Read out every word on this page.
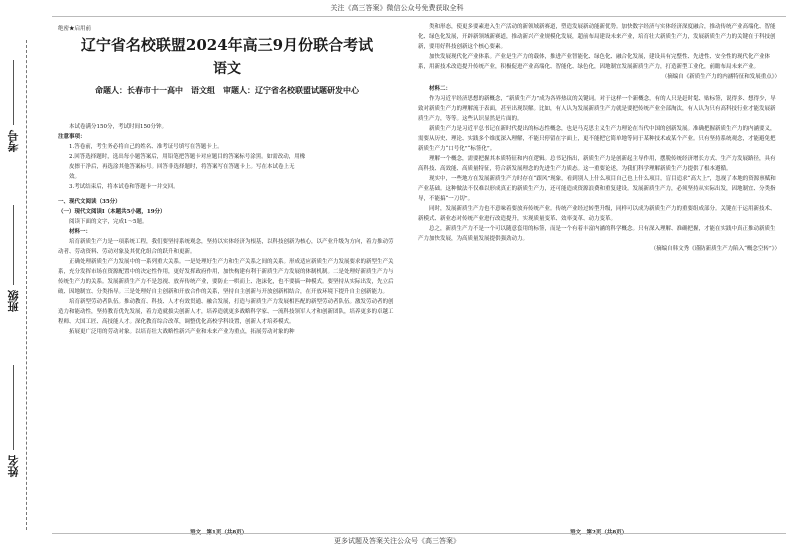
关注《高三答案》微信公众号免费获取全科
考号
班级
姓名
绝密★启用前
辽宁省名校联盟2024年高三9月份联合考试
语文
命题人：长春市十一高中　语文组　审题人：辽宁省名校联盟试题研发中心

本试卷满分150分，考试时间150分钟。

注意事项：

1.答卷前，考生务必将自己的姓名、准考证号填写在答题卡上。

2.回答选择题时，选出每小题答案后，用铅笔把答题卡对应题目的答案标号涂黑。如需改动，用橡

皮擦干净后，再选涂其他答案标号。回答非选择题时，将答案写在答题卡上。写在本试卷上无

效。

3.考试结束后，将本试卷和答题卡一并交回。

一、现代文阅读（35分）

（一）现代文阅读Ⅰ（本题共5小题，19分）

阅读下面的文字，完成1～5题。

材料一：

培育新质生产力是一项系统工程，我们要坚持系统观念，坚持以实体经济为根基，以科技创新为核心，以产业升级为方向，着力推动劳动者、劳动资料、劳动对象及其优化组合的跃升和更新。
正确处理新质生产力发展中的一系列重大关系。一是处理好生产力和生产关系之间的关系。形成适应新质生产力发展要求的新型生产关系，充分发挥市场在资源配置中的决定性作用，更好发挥政府作用，加快构建有利于新质生产力发展的体制机制。二是处理好新质生产力与传统生产力的关系。发展新质生产力不是忽视、放弃传统产业，要防止一哄而上、泡沫化，也不要搞一种模式。要坚持从实际出发，先立后破、因地制宜、分类指导。三是处理好自主创新和开放合作的关系，坚持自主创新与开放创新相结合，在开放环境下提升自主创新能力。
培育新型劳动者队伍。推动教育、科技、人才有效贯通、融合发展，打造与新质生产力发展相匹配的新型劳动者队伍。激发劳动者的创造力和能动性，坚持教育优先发展，着力造就拔尖创新人才，培养造就更多战略科学家、一流科技领军人才和创新团队，培养更多的卓越工程师、大国工匠、高技能人才。深化教育综合改革，调整优化高校学科设置，创新人才培养模式。
拓展更广泛用的劳动对象。以培育壮大战略性新兴产业和未来产业为重点，拓展劳动对象的种
类和形态，使更多要素进入生产活动的新领域新赛道，塑造发展新动能新优势。加快数字经济与实体经济深度融合，推动传统产业高端化、智能化、绿色化发展，开辟新领域新赛道，推动新兴产业规模化发展，超前布局建设未来产业，培育壮大新质生产力，发展新质生产力的关键在于科技创新，要用好科技创新这个核心要素。
加快发展现代化产业体系。产业是生产力的载体，推进产业智能化、绿色化、融合化发展，建设具有完整性、先进性、安全性的现代化产业体系，用新技术改造提升传统产业，积极促进产业高端化、智能化、绿色化，因地制宜发展新质生产力，打造新型工业化，前瞻布局未来产业。
（摘编自《新质生产力的内涵特征和发展重点》）
材料二：
作为习近平经济思想的新概念，“新质生产力”成为各界热议的关键词。对于这样一个新概念，有的人只是赶时髦、贴标签，说得多、想得少，导致对新质生产力的理解流于表面，甚至出现误解。比如，有人认为发展新质生产力就是要把传统产业全部淘汰，有人认为只有高科技行业才能发展新质生产力，等等。这些认识显然是片面的。
新质生产力是习近平总书记在新时代提出的标志性概念，也是马克思主义生产力理论在当代中国的创新发展。准确把握新质生产力的内涵要义，需要从历史、理论、实践多个维度深入理解，不能只停留在字面上，更不能把它简单地等同于某种技术或某个产业。只有坚持系统观念，才能避免把新质生产力“口号化”“标签化”。
理解一个概念，需要把握其本质特征和内在逻辑。总书记指出，新质生产力是创新起主导作用，摆脱传统经济增长方式、生产力发展路径，具有高科技、高效能、高质量特征，符合新发展理念的先进生产力质态。这一重要论述，为我们科学理解新质生产力提供了根本遵循。
现实中，一些地方在发展新质生产力时存在“跟风”现象，看到别人上什么项目自己也上什么项目，盲目追求“高大上”，忽视了本地的资源禀赋和产业基础。这种做法不仅难以形成真正的新质生产力，还可能造成资源浪费和重复建设。发展新质生产力，必须坚持从实际出发，因地制宜、分类指导，不能搞“一刀切”。
同时，发展新质生产力也不意味着要放弃传统产业。传统产业经过转型升级，同样可以成为新质生产力的重要组成部分。关键在于运用新技术、新模式、新业态对传统产业进行改造提升，实现质量变革、效率变革、动力变革。
总之，新质生产力不是一个可以随意套用的标签，而是一个有着丰富内涵的科学概念。只有深入理解、准确把握，才能在实践中真正推动新质生产力加快发展，为高质量发展提供强劲动力。
（摘编自韩文秀《谨防新质生产力陷入“概念空转”》）
更多试题及答案关注公众号《高三答案》
